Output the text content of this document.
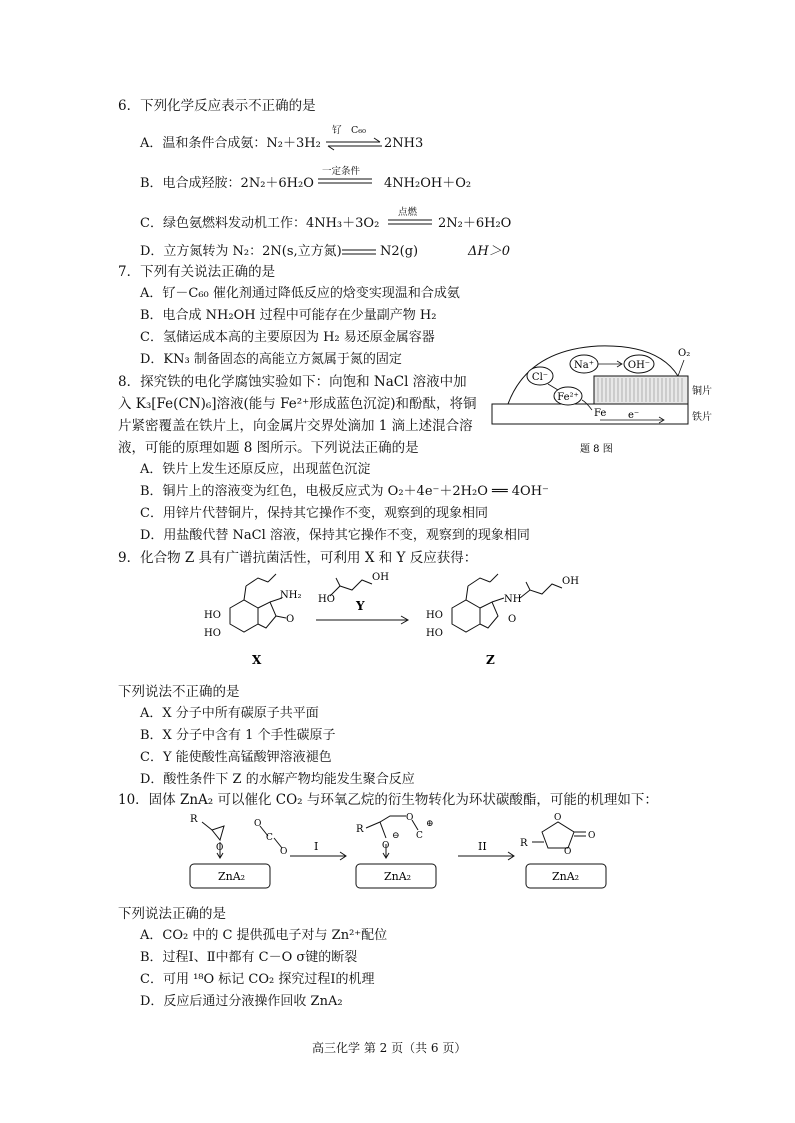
6．下列化学反应表示不正确的是
A．温和条件合成氨：N₂＋3H₂
钌　C₆₀
2NH3
B．电合成羟胺：2N₂＋6H₂O
一定条件
4NH₂OH＋O₂
C．绿色氨燃料发动机工作：4NH₃＋3O₂
点燃
2N₂＋6H₂O
D．立方氮转为 N₂：2N(s,立方氮)	N2(g)	ΔH＞0
7．下列有关说法正确的是
A．钌－C₆₀ 催化剂通过降低反应的焓变实现温和合成氨
B．电合成 NH₂OH 过程中可能存在少量副产物 H₂
C．氢储运成本高的主要原因为 H₂ 易还原金属容器
D．KN₃ 制备固态的高能立方氮属于氮的固定
8．探究铁的电化学腐蚀实验如下：向饱和 NaCl 溶液中加
入 K₃[Fe(CN)₆]溶液(能与 Fe²⁺形成蓝色沉淀)和酚酞，将铜
片紧密覆盖在铁片上，向金属片交界处滴加 1 滴上述混合溶
液，可能的原理如题 8 图所示。下列说法正确的是
Cl⁻
Na⁺	OH⁻
Fe²⁺
Fe e⁻
O₂
铜片
铁片
题 8 图
A．铁片上发生还原反应，出现蓝色沉淀
B．铜片上的溶液变为红色，电极反应式为 O₂＋4e⁻＋2H₂O ══ 4OH⁻
C．用锌片代替铜片，保持其它操作不变，观察到的现象相同
D．用盐酸代替 NaCl 溶液，保持其它操作不变，观察到的现象相同
9．化合物 Z 具有广谱抗菌活性，可利用 X 和 Y 反应获得：
HO
HO
NH₂
O
X
HO
OH
Y
HO
HO
NH
O
OH
Z
下列说法不正确的是
A．X 分子中所有碳原子共平面
B．X 分子中含有 1 个手性碳原子
C．Y 能使酸性高锰酸钾溶液褪色
D．酸性条件下 Z 的水解产物均能发生聚合反应
10．固体 ZnA₂ 可以催化 CO₂ 与环氧乙烷的衍生物转化为环状碳酸酯，可能的机理如下：
R
O
O
C
O
ZnA₂
I
R
O
⊖
O
C
⊕
ZnA₂
II	R
O
O
O
ZnA₂
下列说法正确的是
A．CO₂ 中的 C 提供孤电子对与 Zn²⁺配位
B．过程Ⅰ、Ⅱ中都有 C－O σ键的断裂
C．可用 ¹⁸O 标记 CO₂ 探究过程Ⅰ的机理
D．反应后通过分液操作回收 ZnA₂
高三化学 第 2 页（共 6 页）
